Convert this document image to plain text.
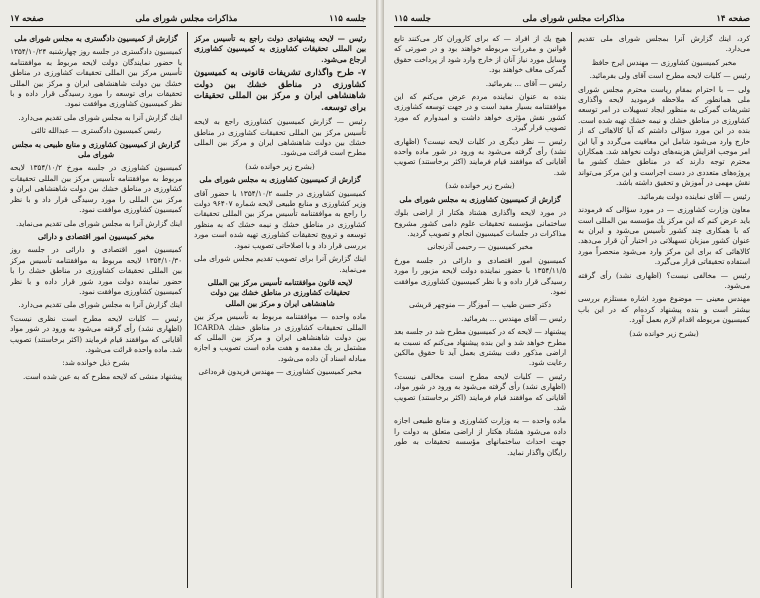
جلسه ۱۱۵
مذاكرات مجلس شوراى ملى
صفحه ۱۷

رئيس — لايحه پيشنهادى دولت راجع به تأسيس مركز بين المللى تحقيقات كشاورزى به كميسيون كشاورزى ارجاع مى‌شود.

۷- طرح واگذارى تشريفات قانونى به كميسيون كشاورزى در مناطق خشك بين دولت شاهنشاهى ايران و مركز بين المللى تحقيقات براى توسعه.

رئيس — گزارش كميسيون كشاورزى راجع به لايحه تأسيس مركز بين المللى تحقيقات كشاورزى در مناطق خشك بين دولت شاهنشاهى ايران و مركز بين المللى مطرح است قرائت مى‌شود.

(بشرح زير خوانده شد)

گزارش از كميسيون كشاورزى به مجلس شوراى ملى

كميسيون كشاورزى در جلسه ۱۳۵۴/۱۰/۲ با حضور آقاى وزير كشاورزى و منابع طبيعى لايحه شماره ۹۶۴۰۷ دولت را راجع به موافقتنامه تأسيس مركز بين المللى تحقيقات كشاورزى در مناطق خشك و نيمه خشك كه به منظور توسعه و ترويج تحقيقات كشاورزى تهيه شده است مورد بررسى قرار داد و با اصلاحاتى تصويب نمود.

اينك گزارش آنرا براى تصويب تقديم مجلس شوراى ملى مى‌نمايد.

لايحه قانون موافقتنامه تأسيس مركز بين المللى تحقيقات كشاورزى در مناطق خشك بين دولت شاهنشاهى ايران و مركز بين المللى

ماده واحده — موافقتنامه مربوط به تأسيس مركز بين المللى تحقيقات كشاورزى در مناطق خشك ICARDA بين دولت شاهنشاهى ايران و مركز بين المللى كه مشتمل بر يك مقدمه و هفت ماده است تصويب و اجازه مبادله اسناد آن داده مى‌شود.

مخبر كميسيون كشاورزى — مهندس فريدون قره‌داغى

گزارش از كميسيون دادگسترى به مجلس شوراى ملى

كميسيون دادگسترى در جلسه روز چهارشنبه ۱۳۵۴/۱۰/۲۴ با حضور نمايندگان دولت لايحه مربوط به موافقتنامه تأسيس مركز بين المللى تحقيقات كشاورزى در مناطق خشك بين دولت شاهنشاهى ايران و مركز بين المللى تحقيقات براى توسعه را مورد رسيدگى قرار داده و با نظر كميسيون كشاورزى موافقت نمود.

اينك گزارش آنرا به مجلس شوراى ملى تقديم مى‌دارد.

رئيس كميسيون دادگسترى — عبدالله ثالثى

گزارش از كميسيون كشاورزى و منابع طبيعى به مجلس شوراى ملى

كميسيون كشاورزى در جلسه مورخ ۱۳۵۴/۱۰/۲ لايحه مربوط به موافقتنامه تأسيس مركز بين المللى تحقيقات كشاورزى در مناطق خشك بين دولت شاهنشاهى ايران و مركز بين المللى را مورد رسيدگى قرار داد و با نظر كميسيون كشاورزى موافقت نمود.

اينك گزارش آنرا به مجلس شوراى ملى تقديم مى‌نمايد.

مخبر كميسيون امور اقتصادى و دارائى

كميسيون امور اقتصادى و دارائى در جلسه روز ۱۳۵۴/۱۰/۳۰ لايحه مربوط به موافقتنامه تأسيس مركز بين المللى تحقيقات كشاورزى در مناطق خشك را با حضور نماينده دولت مورد شور قرار داده و با نظر كميسيون كشاورزى موافقت نمود.

اينك گزارش آنرا به مجلس شوراى ملى تقديم مى‌دارد.

رئيس — كليات لايحه مطرح است نظرى نيست؟ (اظهارى نشد) رأى گرفته مى‌شود به ورود در شور مواد آقايانى كه موافقند قيام فرمايند (اكثر برخاستند) تصويب شد. ماده واحده قرائت مى‌شود.

بشرح ذيل خوانده شد:

پيشنهاد منشى كه لايحه مطرح كه به عين شده است.

صفحه ۱۴
مذاكرات مجلس شوراى ملى
جلسه ۱۱۵

كرد، اينك گزارش آنرا بمجلس شوراى ملى تقديم مى‌دارد.

مخبر كميسيون كشاورزى — مهندس ايرج حافظ

رئيس — كليات لايحه مطرح است آقاى ولى بفرمائيد.

ولى — با احترام بمقام رياست محترم مجلس شوراى ملى همانطور كه ملاحظه فرموديد لايحه واگذارى تشريفات گمركى به منظور ايجاد تسهيلات در امر توسعه كشاورزى در مناطق خشك و نيمه خشك تهيه شده است. بنده در اين مورد سؤالى داشتم كه آيا كالاهائى كه از خارج وارد مى‌شود شامل اين معافيت مى‌گردد و آيا اين امر موجب افزايش هزينه‌هاى دولت نخواهد شد. همكاران محترم توجه دارند كه در مناطق خشك كشور ما پروژه‌هاى متعددى در دست اجراست و اين مركز مى‌تواند نقش مهمى در آموزش و تحقيق داشته باشد.

رئيس — آقاى نماينده دولت بفرمائيد.

معاون وزارت كشاورزى — در مورد سؤالى كه فرمودند بايد عرض كنم كه اين مركز يك مؤسسه بين المللى است كه با همكارى چند كشور تأسيس مى‌شود و ايران به عنوان كشور ميزبان تسهيلاتى در اختيار آن قرار مى‌دهد. كالاهائى كه براى اين مركز وارد مى‌شود منحصراً مورد استفاده تحقيقاتى قرار مى‌گيرد.

رئيس — مخالفى نيست؟ (اظهارى نشد) رأى گرفته مى‌شود.

مهندس معينى — موضوع مورد اشاره مستلزم بررسى بيشتر است و بنده پيشنهاد كرده‌ام كه در اين باب كميسيون مربوطه اقدام لازم بعمل آورد.

(بشرح زير خوانده شد)

هيچ يك از افراد — كه براى كاروران كار مى‌كنند تابع قوانين و مقررات مربوطه خواهند بود و در صورتى كه وسايل مورد نياز آنان از خارج وارد شود از پرداخت حقوق گمركى معاف خواهند بود.

رئيس — آقاى ... بفرمائيد.

بنده به عنوان نماينده مردم عرض مى‌كنم كه اين موافقتنامه بسيار مفيد است و در جهت توسعه كشاورزى كشور نقش مؤثرى خواهد داشت و اميدوارم كه مورد تصويب قرار گيرد.

رئيس — نظر ديگرى در كليات لايحه نيست؟ (اظهارى نشد) رأى گرفته مى‌شود به ورود در شور ماده واحده آقايانى كه موافقند قيام فرمايند (اكثر برخاستند) تصويب شد.

(بشرح زير خوانده شد)

گزارش از كميسيون كشاورزى به مجلس شوراى ملى

در مورد لايحه واگذارى هشتاد هكتار از اراضى بلوك ساختمانى مؤسسه تحقيقات علوم دامى كشور مشروح مذاكرات در جلسات كميسيون انجام و تصويب گرديد.

مخبر كميسيون — رحيمى آذرنجانى

كميسيون امور اقتصادى و دارائى در جلسه مورخ ۱۳۵۴/۱۱/۵ با حضور نماينده دولت لايحه مزبور را مورد رسيدگى قرار داده و با نظر كميسيون كشاورزى موافقت نمود.

دكتر حسن طيب — آموزگار — منوچهر قريشى

رئيس — آقاى مهندس ... بفرمائيد.

پيشنهاد — لايحه كه در كميسيون مطرح شد در جلسه بعد مطرح خواهد شد و اين بنده پيشنهاد مى‌كنم كه نسبت به اراضى مذكور دقت بيشترى بعمل آيد تا حقوق مالكين رعايت شود.

رئيس — كليات لايحه مطرح است مخالفى نيست؟ (اظهارى نشد) رأى گرفته مى‌شود به ورود در شور مواد، آقايانى كه موافقند قيام فرمايند (اكثر برخاستند) تصويب شد.

ماده واحده — به وزارت كشاورزى و منابع طبيعى اجازه داده مى‌شود هشتاد هكتار از اراضى متعلق به دولت را جهت احداث ساختمانهاى مؤسسه تحقيقات به طور رايگان واگذار نمايد.
